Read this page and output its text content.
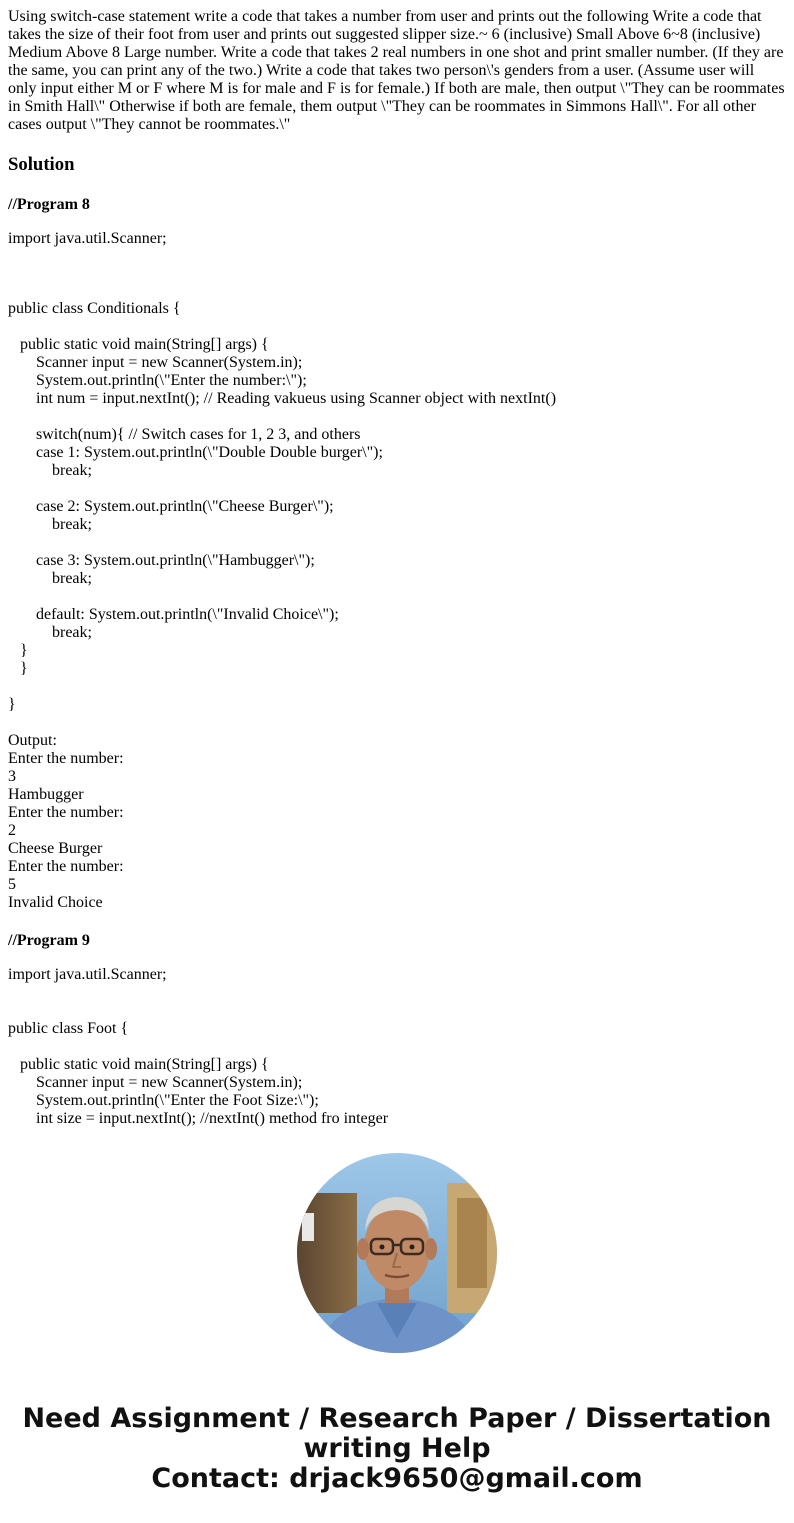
Using switch-case statement write a code that takes a number from user and prints out the following Write a code that takes the size of their foot from user and prints out suggested slipper size.~ 6 (inclusive) Small Above 6~8 (inclusive) Medium Above 8 Large number. Write a code that takes 2 real numbers in one shot and print smaller number. (If they are the same, you can print any of the two.) Write a code that takes two person\'s genders from a user. (Assume user will only input either M or F where M is for male and F is for female.) If both are male, then output \"They can be roommates in Smith Hall\" Otherwise if both are female, them output \"They can be roommates in Simmons Hall\". For all other cases output \"They cannot be roommates.\"

Solution

//Program 8

import java.util.Scanner;

public class Conditionals {

public static void main(String[] args) {
Scanner input = new Scanner(System.in);
System.out.println(\"Enter the number:\");
int num = input.nextInt(); // Reading vakueus using Scanner object with nextInt()

switch(num){ // Switch cases for 1, 2 3, and others
case 1: System.out.println(\"Double Double burger\");
break;

case 2: System.out.println(\"Cheese Burger\");
break;

case 3: System.out.println(\"Hambugger\");
break;

default: System.out.println(\"Invalid Choice\");
break;
}
}

}

Output:
Enter the number:
3
Hambugger
Enter the number:
2
Cheese Burger
Enter the number:
5
Invalid Choice

//Program 9

import java.util.Scanner;

public class Foot {

public static void main(String[] args) {
Scanner input = new Scanner(System.in);
System.out.println(\"Enter the Foot Size:\");
int size = input.nextInt(); //nextInt() method fro integer
Need Assignment / Research Paper / Dissertation
writing Help
Contact: drjack9650@gmail.com
